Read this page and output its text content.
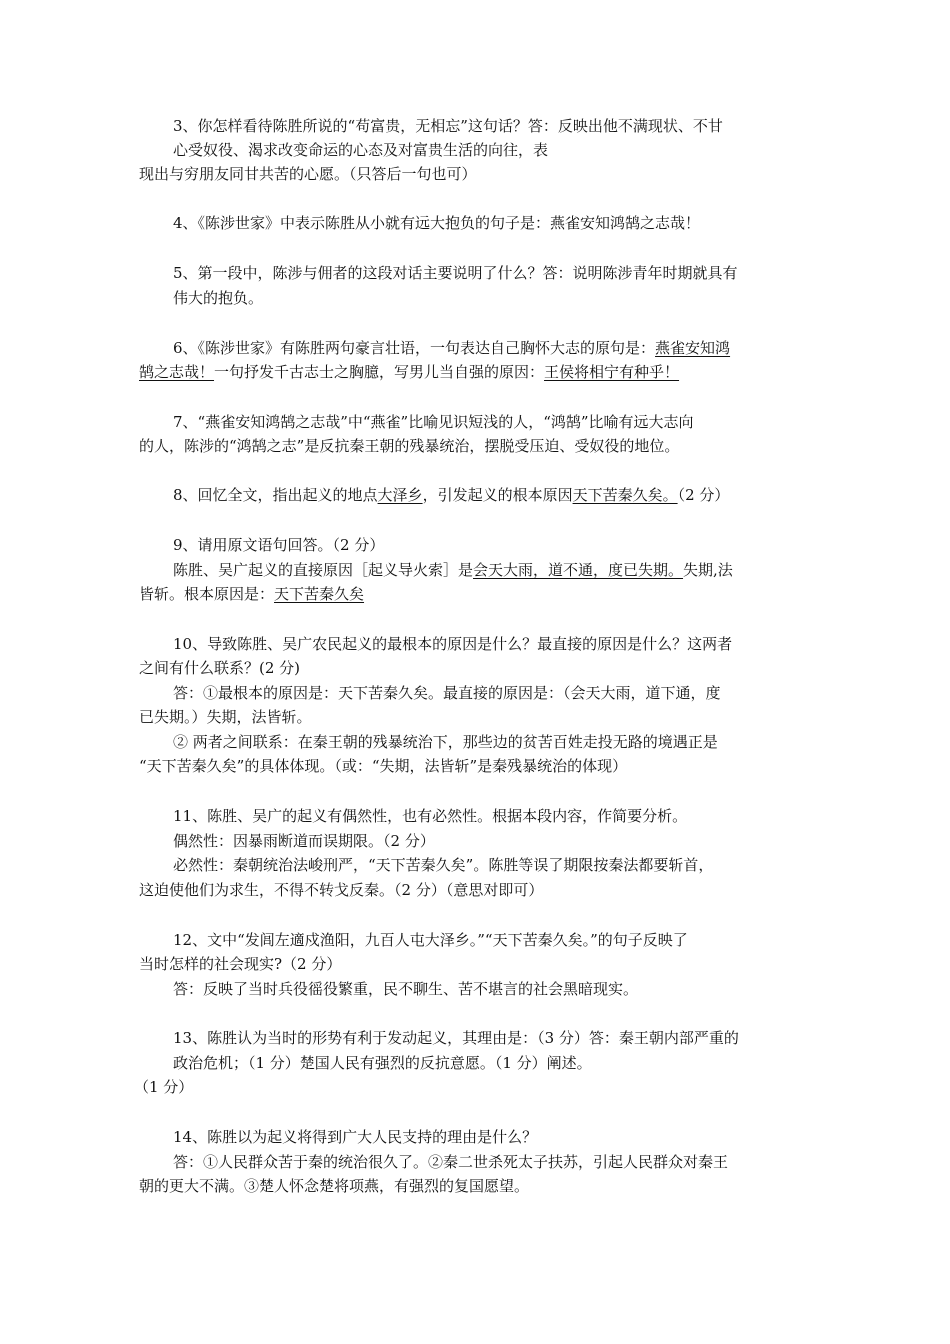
3、你怎样看待陈胜所说的“苟富贵，无相忘”这句话？答：反映出他不满现状、不甘
心受奴役、渴求改变命运的心态及对富贵生活的向往，表
现出与穷朋友同甘共苦的心愿。（只答后一句也可）
4、《陈涉世家》中表示陈胜从小就有远大抱负的句子是：燕雀安知鸿鹄之志哉！
5、第一段中，陈涉与佣者的这段对话主要说明了什么？答：说明陈涉青年时期就具有
伟大的抱负。
6、《陈涉世家》有陈胜两句豪言壮语，一句表达自己胸怀大志的原句是：燕雀安知鸿
鹄之志哉！一句抒发千古志士之胸臆，写男儿当自强的原因：王侯将相宁有种乎！
7、“燕雀安知鸿鹄之志哉”中“燕雀”比喻见识短浅的人，“鸿鹄”比喻有远大志向
的人，陈涉的“鸿鹄之志”是反抗秦王朝的残暴统治，摆脱受压迫、受奴役的地位。
8、回忆全文，指出起义的地点大泽乡，引发起义的根本原因天下苦秦久矣。（2 分）
9、请用原文语句回答。（2 分）
陈胜、吴广起义的直接原因［起义导火索］是会天大雨，道不通，度已失期。失期,法
皆斩。根本原因是：天下苦秦久矣
10、导致陈胜、吴广农民起义的最根本的原因是什么？最直接的原因是什么？这两者
之间有什么联系？(2 分)
答：①最根本的原因是：天下苦秦久矣。最直接的原因是：（会天大雨，道下通，度
已失期。）失期，法皆斩。
② 两者之间联系：在秦王朝的残暴统治下，那些边的贫苦百姓走投无路的境遇正是
“天下苦秦久矣”的具体体现。（或：“失期，法皆斩”是秦残暴统治的体现）
11、陈胜、吴广的起义有偶然性，也有必然性。根据本段内容，作简要分析。
偶然性：因暴雨断道而误期限。（2 分）
必然性：秦朝统治法峻刑严，“天下苦秦久矣”。陈胜等误了期限按秦法都要斩首，
这迫使他们为求生，不得不转戈反秦。（2 分）（意思对即可）
12、文中“发闾左適戍渔阳，九百人屯大泽乡。”“天下苦秦久矣。”的句子反映了
当时怎样的社会现实?（2 分）
答：反映了当时兵役徭役繁重，民不聊生、苦不堪言的社会黑暗现实。
13、陈胜认为当时的形势有利于发动起义，其理由是：（3 分）答：秦王朝内部严重的
政治危机；（1 分）楚国人民有强烈的反抗意愿。（1 分）阐述。
（1 分）
14、陈胜以为起义将得到广大人民支持的理由是什么？
答：①人民群众苦于秦的统治很久了。②秦二世杀死太子扶苏，引起人民群众对秦王
朝的更大不满。③楚人怀念楚将项燕，有强烈的复国愿望。
